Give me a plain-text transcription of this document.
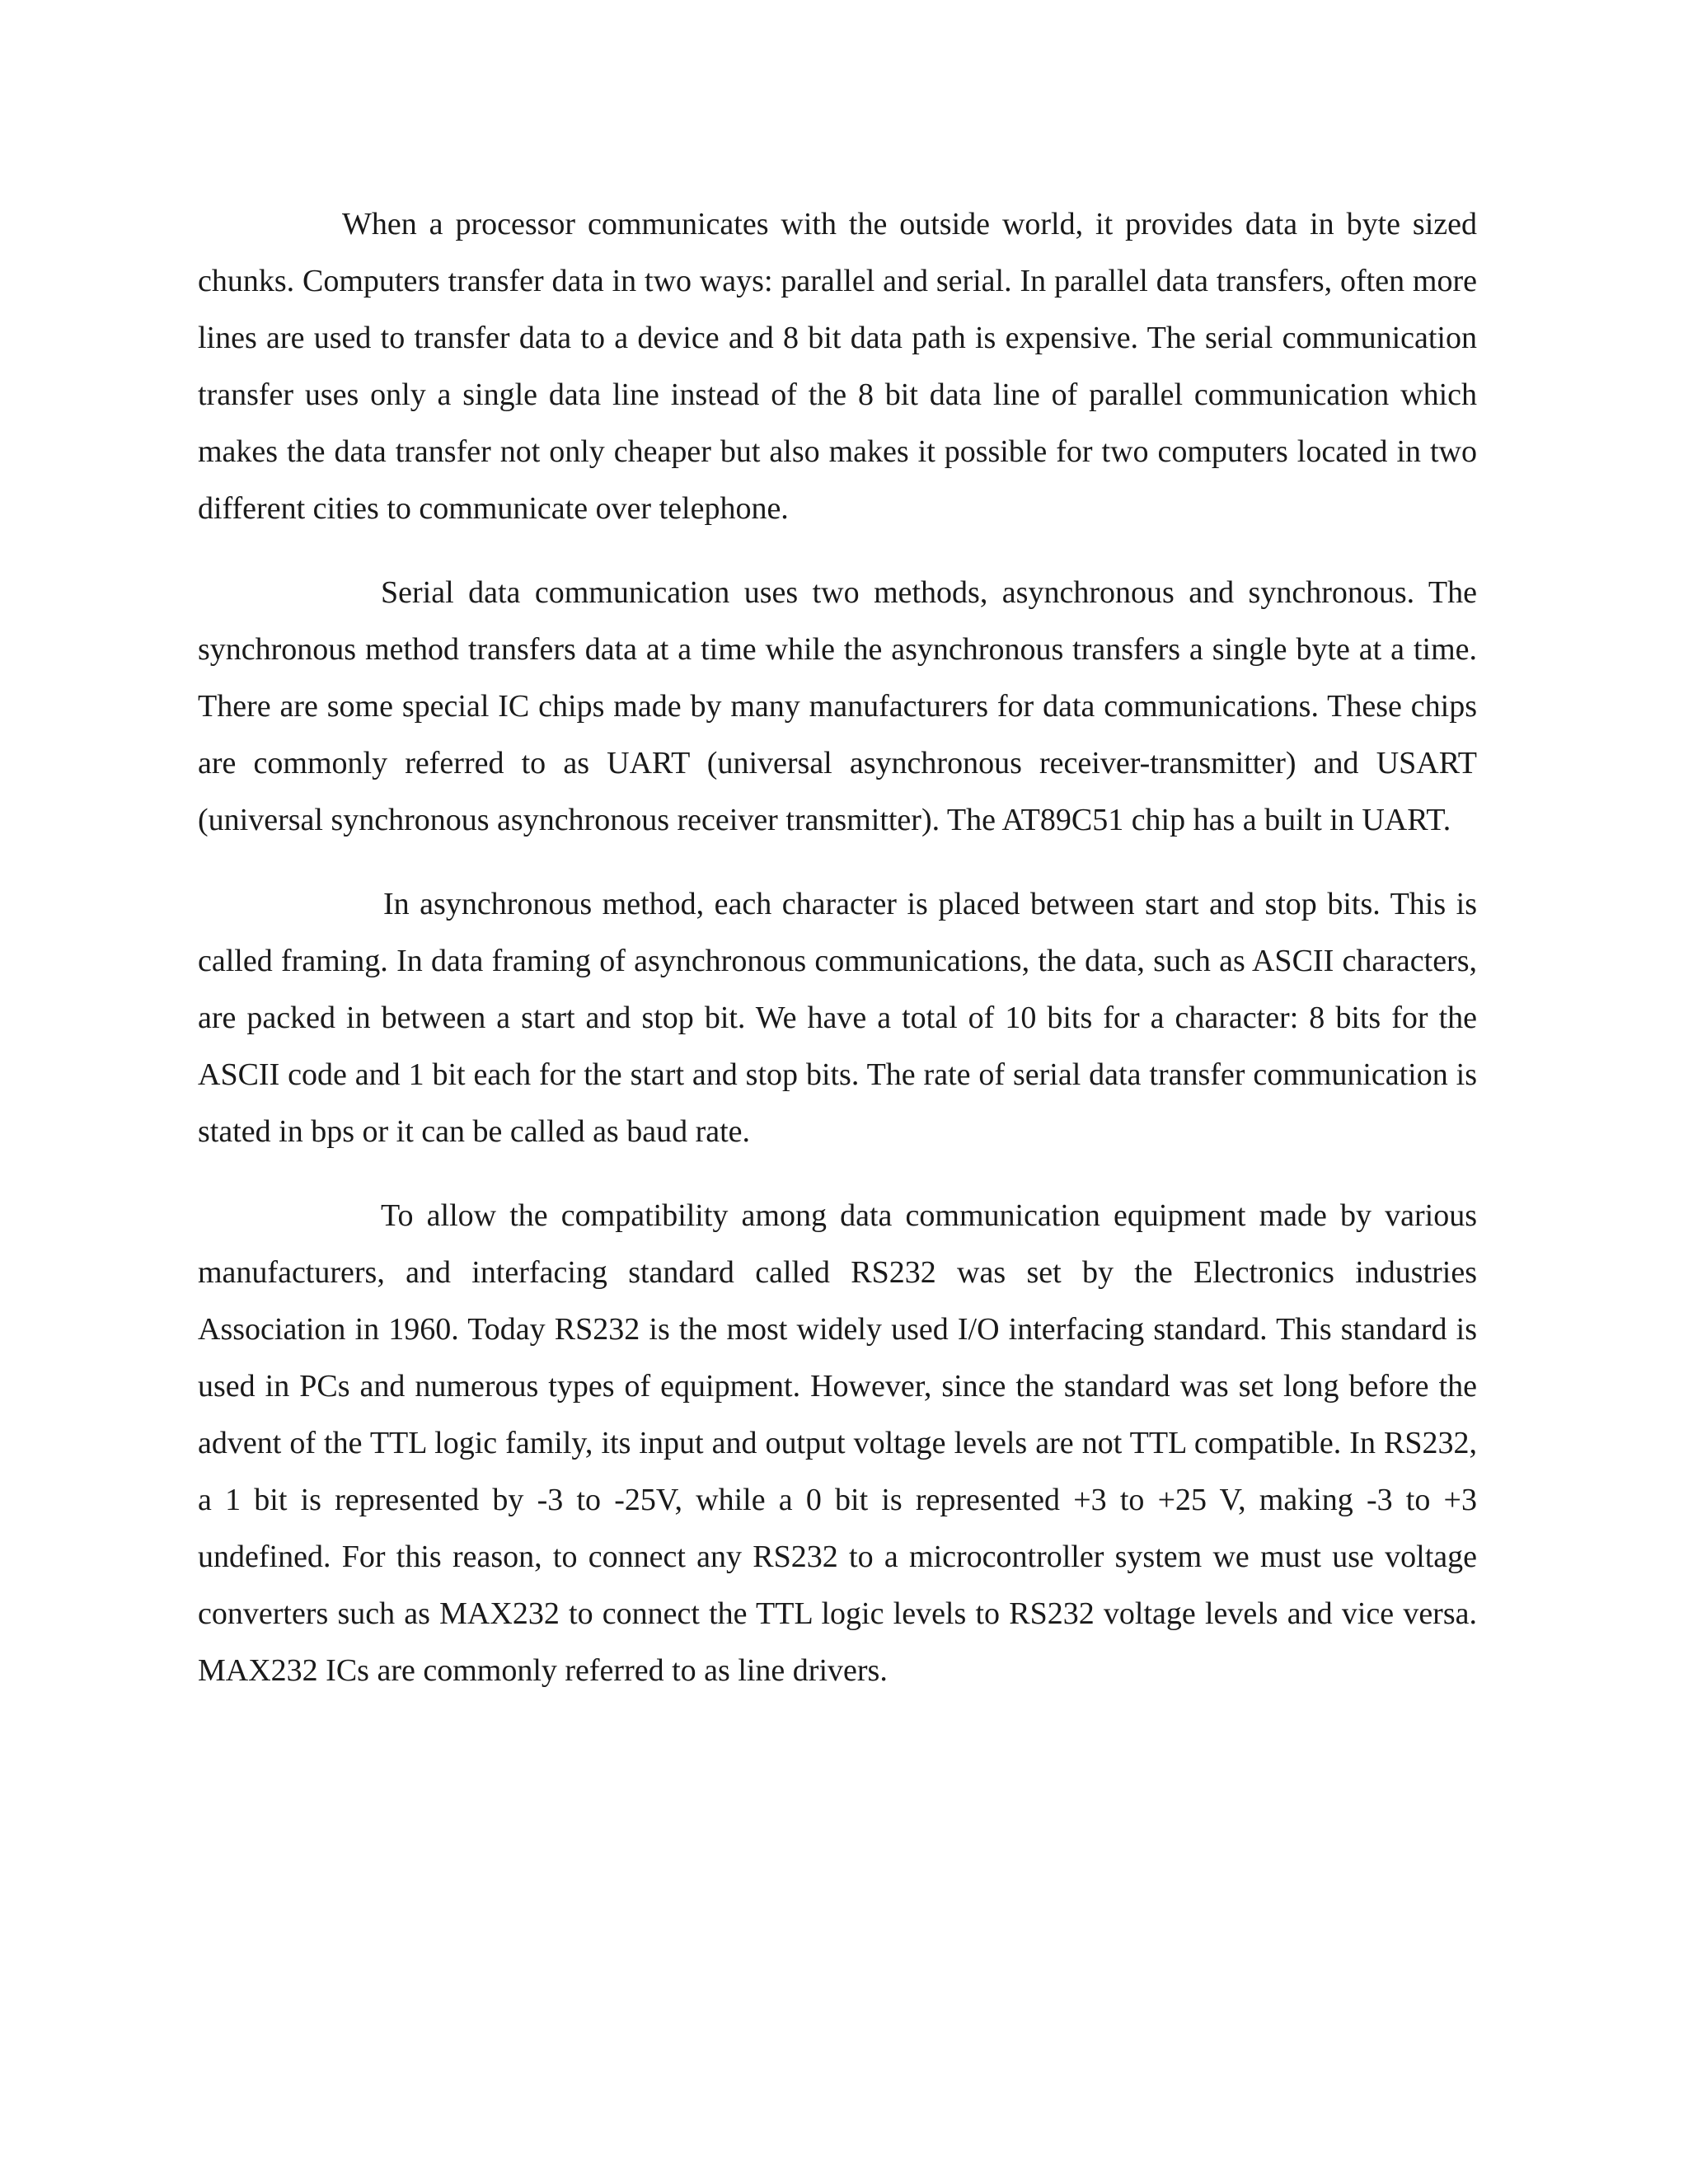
When a processor communicates with the outside world, it provides data in byte sized chunks. Computers transfer data in two ways: parallel and serial. In parallel data transfers, often more lines are used to transfer data to a device and 8 bit data path is expensive. The serial communication transfer uses only a single data line instead of the 8 bit data line of parallel communication which makes the data transfer not only cheaper but also makes it possible for two computers located in two different cities to communicate over telephone.

Serial data communication uses two methods, asynchronous and synchronous. The synchronous method transfers data at a time while the asynchronous transfers a single byte at a time. There are some special IC chips made by many manufacturers for data communications. These chips are commonly referred to as UART (universal asynchronous receiver-transmitter) and USART (universal synchronous asynchronous receiver transmitter). The AT89C51 chip has a built in UART.

In asynchronous method, each character is placed between start and stop bits. This is called framing. In data framing of asynchronous communications, the data, such as ASCII characters, are packed in between a start and stop bit. We have a total of 10 bits for a character: 8 bits for the ASCII code and 1 bit each for the start and stop bits. The rate of serial data transfer communication is stated in bps or it can be called as baud rate.

To allow the compatibility among data communication equipment made by various manufacturers, and interfacing standard called RS232 was set by the Electronics industries Association in 1960. Today RS232 is the most widely used I/O interfacing standard. This standard is used in PCs and numerous types of equipment. However, since the standard was set long before the advent of the TTL logic family, its input and output voltage levels are not TTL compatible. In RS232, a 1 bit is represented by -3 to -25V, while a 0 bit is represented +3 to +25 V, making -3 to +3 undefined. For this reason, to connect any RS232 to a microcontroller system we must use voltage converters such as MAX232 to connect the TTL logic levels to RS232 voltage levels and vice versa. MAX232 ICs are commonly referred to as line drivers.
